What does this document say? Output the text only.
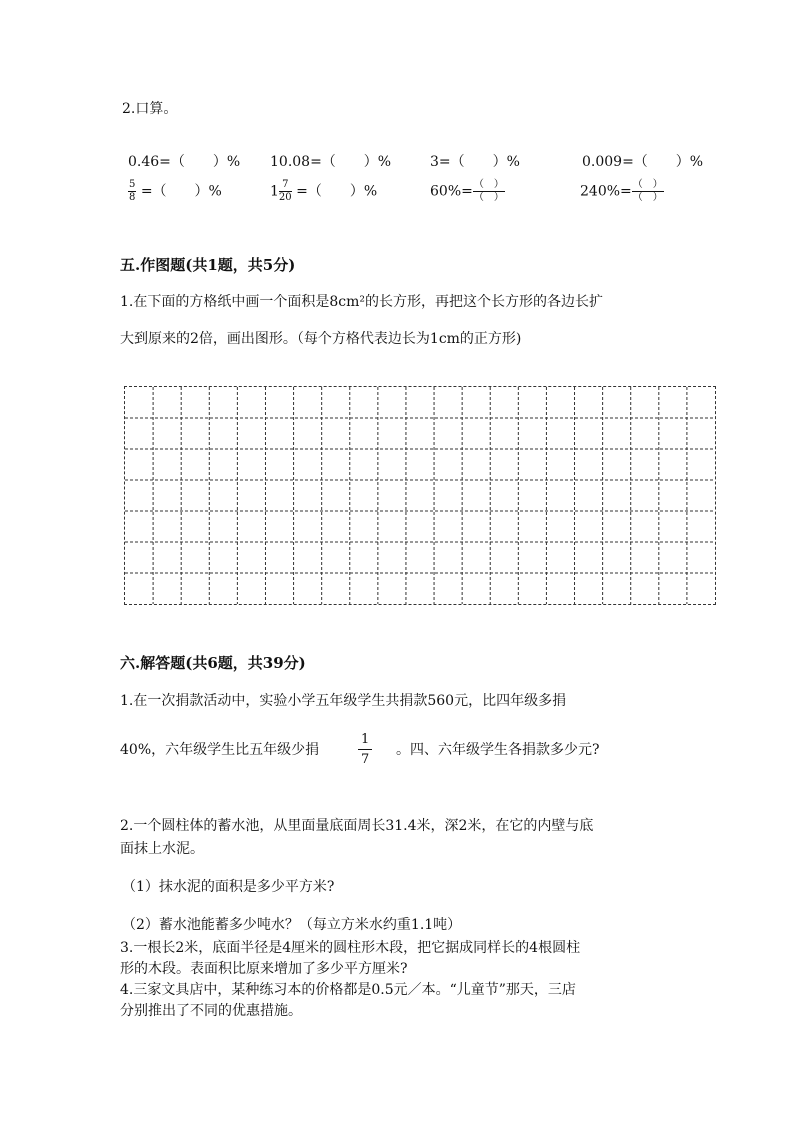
2.口算。
0.46=（　　）% 10.08=（　　）%	3=（　　）%	0.009=（　　）%
$\frac{5}{8}$ =（　　）%	$1 \frac{7}{20}$ =（　　）%	$60\%= \frac{( )}{( )}$	$240\%= \frac{( )}{( )}$
五.作图题(共1题，共5分)
1.在下面的方格纸中画一个面积是8cm²的长方形，再把这个长方形的各边长扩
大到原来的2倍，画出图形。（每个方格代表边长为1cm的正方形)
六.解答题(共6题，共39分)
1.在一次捐款活动中，实验小学五年级学生共捐款560元，比四年级多捐
40%，六年级学生比五年级少捐	$\frac{1}{7}$ 。四、六年级学生各捐款多少元?
2.一个圆柱体的蓄水池，从里面量底面周长31.4米，深2米，在它的内壁与底
面抹上水泥。
（1）抹水泥的面积是多少平方米?
（2）蓄水池能蓄多少吨水？（每立方米水约重1.1吨）
3.一根长2米，底面半径是4厘米的圆柱形木段，把它据成同样长的4根圆柱
形的木段。表面积比原来增加了多少平方厘米?
4.三家文具店中，某种练习本的价格都是0.5元／本。“儿童节”那天，三店
分别推出了不同的优惠措施。
